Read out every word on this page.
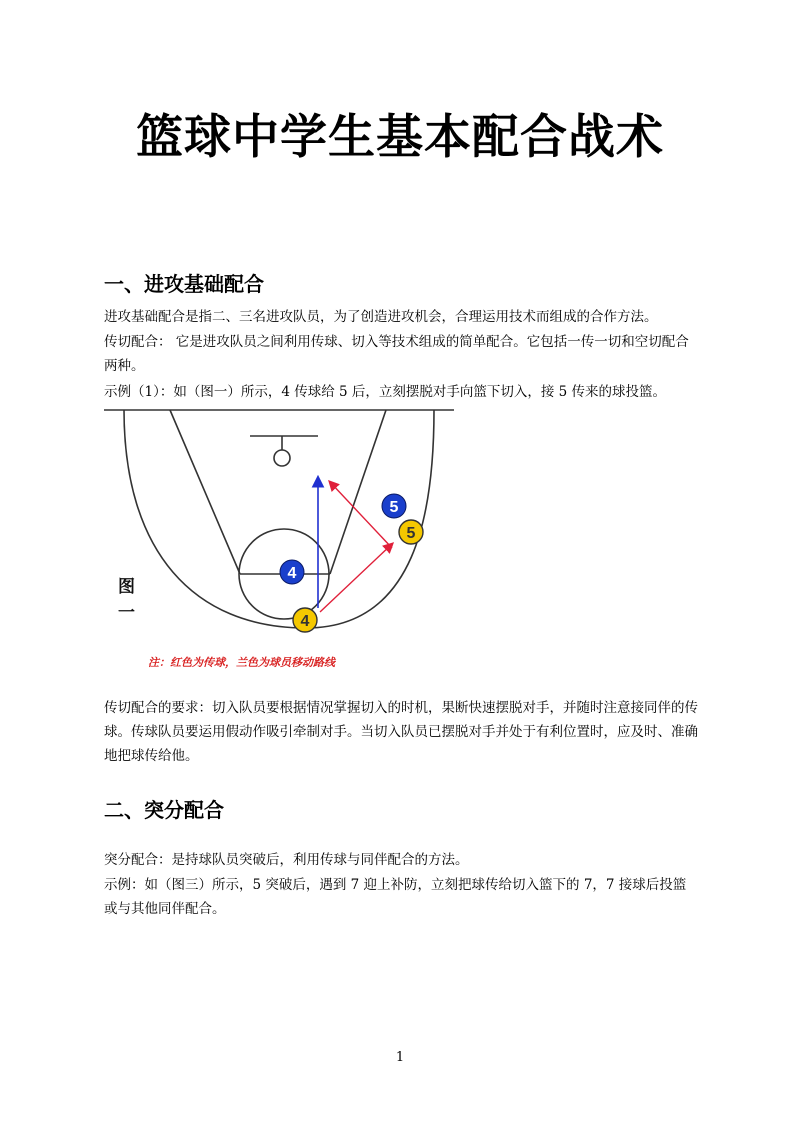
篮球中学生基本配合战术
一、进攻基础配合

进攻基础配合是指二、三名进攻队员，为了创造进攻机会，合理运用技术而组成的合作方法。

传切配合： 它是进攻队员之间利用传球、切入等技术组成的简单配合。它包括一传一切和空切配合两种。

示例（1）：如（图一）所示，4 传球给 5 后，立刻摆脱对手向篮下切入，接 5 传来的球投篮。

5
5
4
4
图
一
注：红色为传球，兰色为球员移动路线

传切配合的要求：切入队员要根据情况掌握切入的时机，果断快速摆脱对手，并随时注意接同伴的传球。传球队员要运用假动作吸引牵制对手。当切入队员已摆脱对手并处于有利位置时，应及时、准确地把球传给他。

二、突分配合

突分配合：是持球队员突破后，利用传球与同伴配合的方法。

示例：如（图三）所示，5 突破后，遇到 7 迎上补防，立刻把球传给切入篮下的 7，7 接球后投篮或与其他同伴配合。

1
